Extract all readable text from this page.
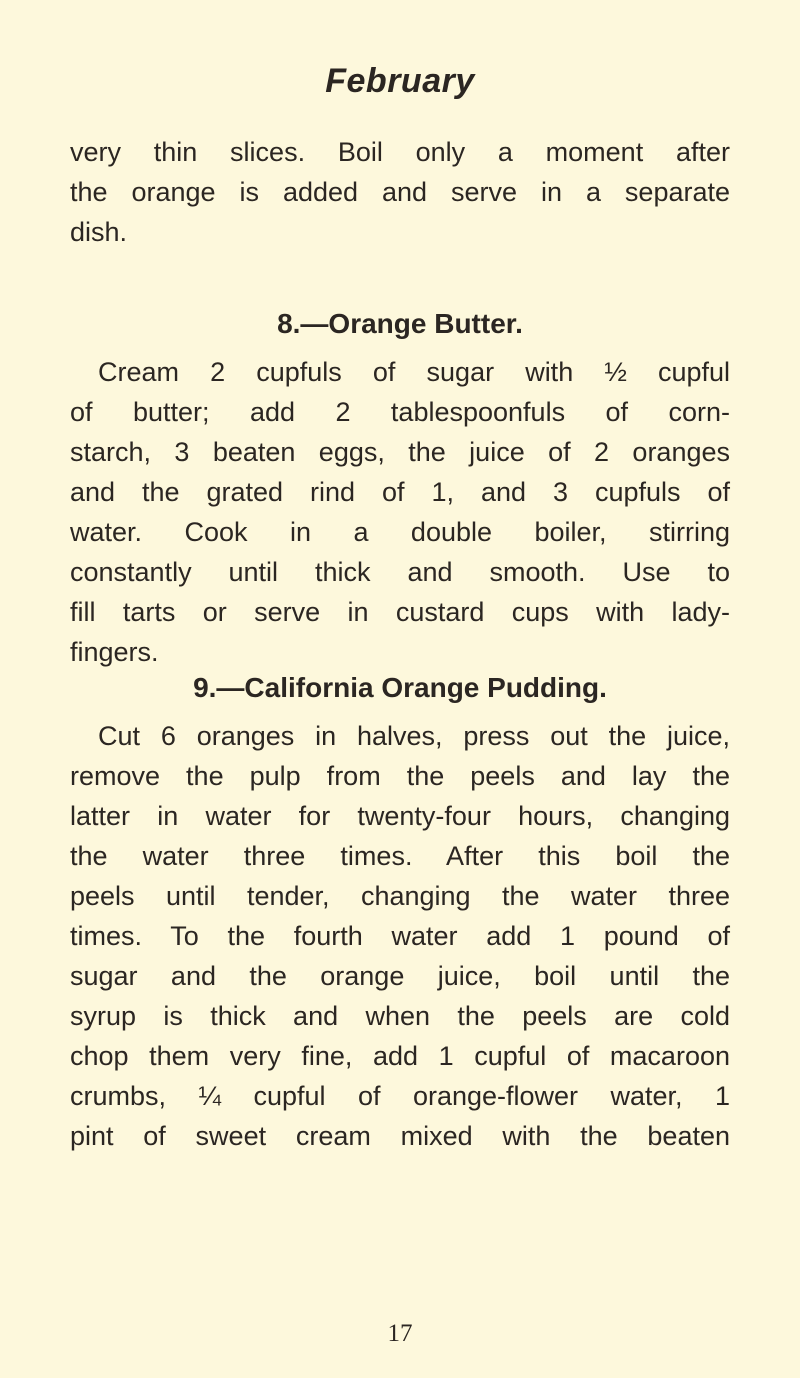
February
very thin slices. Boil only a moment after
the orange is added and serve in a separate
dish.
8.—Orange Butter.
Cream 2 cupfuls of sugar with ½ cupful
of butter; add 2 tablespoonfuls of corn-
starch, 3 beaten eggs, the juice of 2 oranges
and the grated rind of 1, and 3 cupfuls of
water. Cook in a double boiler, stirring
constantly until thick and smooth. Use to
fill tarts or serve in custard cups with lady-
fingers.
9.—California Orange Pudding.
Cut 6 oranges in halves, press out the juice,
remove the pulp from the peels and lay the
latter in water for twenty-four hours, changing
the water three times. After this boil the
peels until tender, changing the water three
times. To the fourth water add 1 pound of
sugar and the orange juice, boil until the
syrup is thick and when the peels are cold
chop them very fine, add 1 cupful of macaroon
crumbs, ¼ cupful of orange-flower water, 1
pint of sweet cream mixed with the beaten
17
